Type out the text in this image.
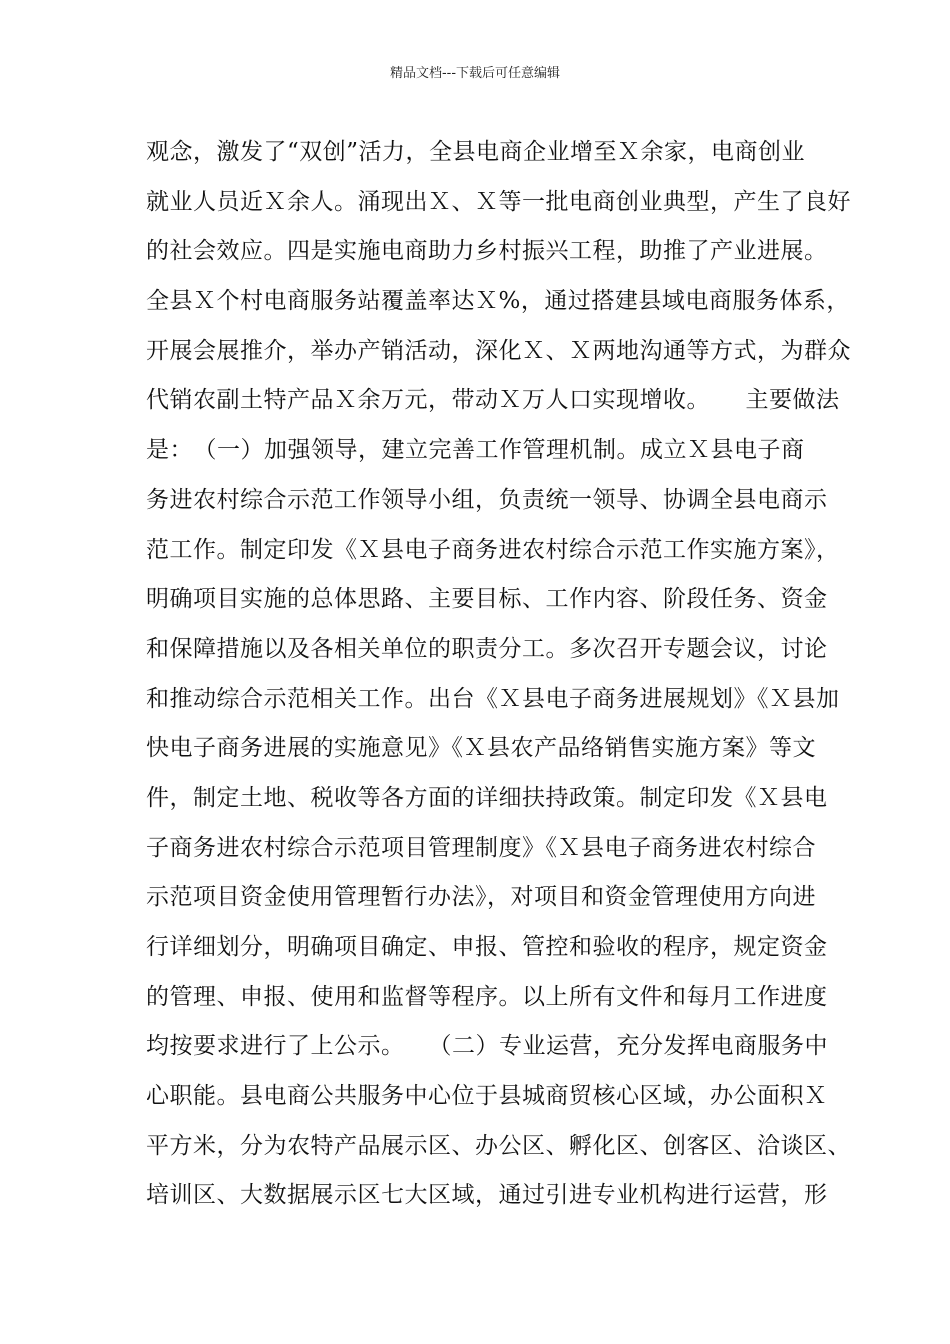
精品文档---下载后可任意编辑
观念，激发了“双创”活力，全县电商企业增至Ｘ余家，电商创业
就业人员近Ｘ余人。涌现出Ｘ、Ｘ等一批电商创业典型，产生了良好
的社会效应。四是实施电商助力乡村振兴工程，助推了产业进展。
全县Ｘ个村电商服务站覆盖率达Ｘ%，通过搭建县域电商服务体系，
开展会展推介，举办产销活动，深化Ｘ、Ｘ两地沟通等方式，为群众
代销农副土特产品Ｘ余万元，带动Ｘ万人口实现增收。　　主要做法
是：　（一）加强领导，建立完善工作管理机制。成立Ｘ县电子商
务进农村综合示范工作领导小组，负责统一领导、协调全县电商示
范工作。制定印发《Ｘ县电子商务进农村综合示范工作实施方案》，
明确项目实施的总体思路、主要目标、工作内容、阶段任务、资金
和保障措施以及各相关单位的职责分工。多次召开专题会议，讨论
和推动综合示范相关工作。出台《Ｘ县电子商务进展规划》《Ｘ县加
快电子商务进展的实施意见》《Ｘ县农产品络销售实施方案》等文
件，制定土地、税收等各方面的详细扶持政策。制定印发《Ｘ县电
子商务进农村综合示范项目管理制度》《Ｘ县电子商务进农村综合
示范项目资金使用管理暂行办法》，对项目和资金管理使用方向进
行详细划分，明确项目确定、申报、管控和验收的程序，规定资金
的管理、申报、使用和监督等程序。以上所有文件和每月工作进度
均按要求进行了上公示。　　（二）专业运营，充分发挥电商服务中
心职能。县电商公共服务中心位于县城商贸核心区域，办公面积Ｘ
平方米，分为农特产品展示区、办公区、孵化区、创客区、洽谈区、
培训区、大数据展示区七大区域，通过引进专业机构进行运营，形
